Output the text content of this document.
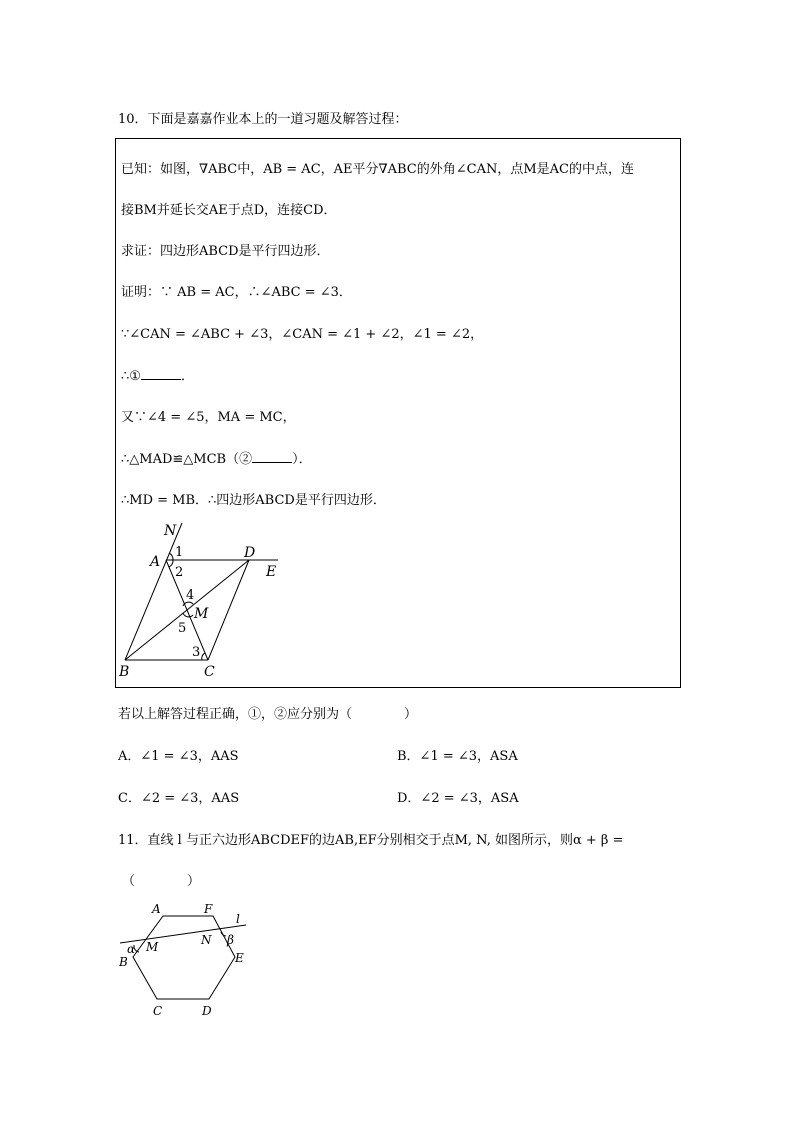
10．下面是嘉嘉作业本上的一道习题及解答过程：
已知：如图，∇ABC中，AB = AC，AE平分∇ABC的外角∠CAN，点M是AC的中点，连
接BM并延长交AE于点D，连接CD．
求证：四边形ABCD是平行四边形．
证明：∵ AB = AC，∴∠ABC = ∠3．
∵∠CAN = ∠ABC + ∠3，∠CAN = ∠1 + ∠2，∠1 = ∠2，
∴①	．
又∵∠4 = ∠5，MA = MC，
∴△MAD≌△MCB（②	）．
∴MD = MB．∴四边形ABCD是平行四边形．
N
A
D
E
M
B	C
1
2
4
5
3
A	F
l
M	N β
α
B	E
C	D
若以上解答过程正确，①，②应分别为（　　　　）
A．∠1 = ∠3，AAS	B．∠1 = ∠3，ASA
C．∠2 = ∠3，AAS	D．∠2 = ∠3，ASA
11．直线 l 与正六边形ABCDEF的边AB,EF分别相交于点M, N, 如图所示，则α + β =
（　　　　）
